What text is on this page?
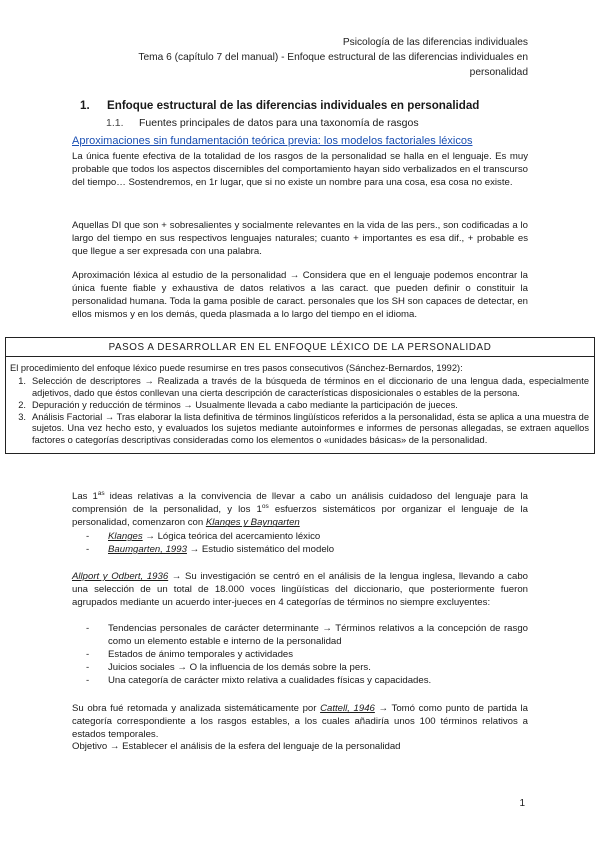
Psicología de las diferencias individuales
Tema 6 (capítulo 7 del manual) - Enfoque estructural de las diferencias individuales en
personalidad
1. Enfoque estructural de las diferencias individuales en personalidad
1.1. Fuentes principales de datos para una taxonomía de rasgos
Aproximaciones sin fundamentación teórica previa: los modelos factoriales léxicos

La única fuente efectiva de la totalidad de los rasgos de la personalidad se halla en el lenguaje. Es muy probable que todos los aspectos discernibles del comportamiento hayan sido verbalizados en el transcurso del tiempo… Sostendremos, en 1r lugar, que si no existe un nombre para una cosa, esa cosa no existe.

Aquellas DI que son + sobresalientes y socialmente relevantes en la vida de las pers., son codificadas a lo largo del tiempo en sus respectivos lenguajes naturales; cuanto + importantes es esa dif., + probable es que llegue a ser expresada con una palabra.

Aproximación léxica al estudio de la personalidad → Considera que en el lenguaje podemos encontrar la única fuente fiable y exhaustiva de datos relativos a las caract. que pueden definir o constituir la personalidad humana. Toda la gama posible de caract. personales que los SH son capaces de detectar, en ellos mismos y en los demás, queda plasmada a lo largo del tiempo en el idioma.

PASOS A DESARROLLAR EN EL ENFOQUE LÉXICO DE LA PERSONALIDAD
El procedimiento del enfoque léxico puede resumirse en tres pasos consecutivos (Sánchez-Bernardos, 1992):
1. Selección de descriptores → Realizada a través de la búsqueda de términos en el diccionario de una lengua dada, especialmente adjetivos, dado que éstos conllevan una cierta descripción de características disposicionales o estables de la persona.
2. Depuración y reducción de términos → Usualmente llevada a cabo mediante la participación de jueces.
3. Análisis Factorial → Tras elaborar la lista definitiva de términos lingüísticos referidos a la personalidad, ésta se aplica a una muestra de sujetos. Una vez hecho esto, y evaluados los sujetos mediante autoinformes e informes de personas allegadas, se extraen aquellos factores o categorías descriptivas consideradas como los elementos o «unidades básicas» de la personalidad.

Las $1^{as}$ ideas relativas a la convivencia de llevar a cabo un análisis cuidadoso del lenguaje para la comprensión de la personalidad, y los $1^{os}$ esfuerzos sistemáticos por organizar el lenguaje de la personalidad, comenzaron con Klanges y Bayngarten

-	Klanges → Lógica teórica del acercamiento léxico
-	Baumgarten, 1993 → Estudio sistemático del modelo

Allport y Odbert, 1936 → Su investigación se centró en el análisis de la lengua inglesa, llevando a cabo una selección de un total de 18.000 voces lingüísticas del diccionario, que posteriormente fueron agrupados mediante un acuerdo inter-jueces en 4 categorías de términos no siempre excluyentes:

-	Tendencias personales de carácter determinante → Términos relativos a la concepción de rasgo como un elemento estable e interno de la personalidad
-	Estados de ánimo temporales y actividades
-	Juicios sociales → O la influencia de los demás sobre la pers.
-	Una categoría de carácter mixto relativa a cualidades físicas y capacidades.

Su obra fué retomada y analizada sistemáticamente por Cattell, 1946 → Tomó como punto de partida la categoría correspondiente a los rasgos estables, a los cuales añadiría unos 100 términos relativos a estados temporales.

Objetivo → Establecer el análisis de la esfera del lenguaje de la personalidad

1
